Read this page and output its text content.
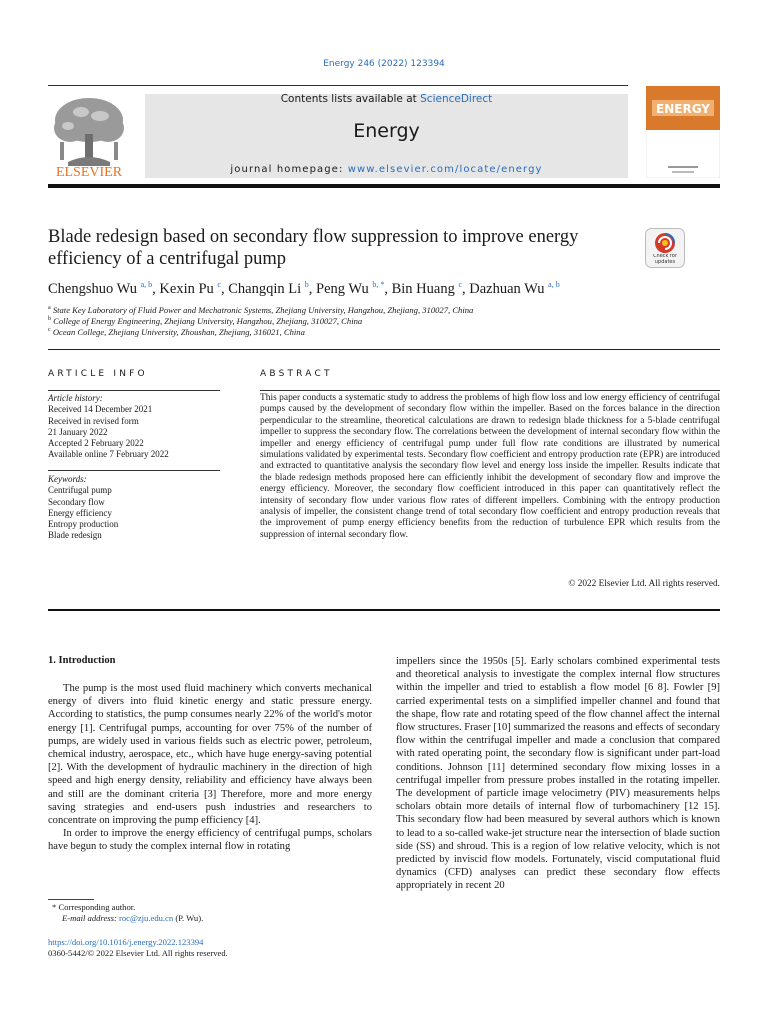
Energy 246 (2022) 123394
ELSEVIER
Contents lists available at ScienceDirect
Energy
journal homepage: www.elsevier.com/locate/energy
ENERGY
Blade redesign based on secondary flow suppression to improve energy efficiency of a centrifugal pump	Check for updates
Chengshuo Wu $^{a, b}$, Kexin Pu $^c$, Changqin Li $^b$, Peng Wu $^{b, *}$, Bin Huang $^c$, Dazhuan Wu $^{a, b}$
$^a$ State Key Laboratory of Fluid Power and Mechatronic Systems, Zhejiang University, Hangzhou, Zhejiang, 310027, China
$^b$ College of Energy Engineering, Zhejiang University, Hangzhou, Zhejiang, 310027, China
$^c$ Ocean College, Zhejiang University, Zhoushan, Zhejiang, 316021, China
ARTICLE INFO	ABSTRACT
Article history:
Received 14 December 2021
Received in revised form
21 January 2022
Accepted 2 February 2022
Available online 7 February 2022
Keywords:
Centrifugal pump
Secondary flow
Energy efficiency
Entropy production
Blade redesign
This paper conducts a systematic study to address the problems of high flow loss and low energy efficiency of centrifugal pumps caused by the development of secondary flow within the impeller. Based on the forces balance in the direction perpendicular to the streamline, theoretical calculations are drawn to redesign blade thickness for a 5-blade centrifugal impeller to suppress the secondary flow. The correlations between the development of internal secondary flow within the impeller and energy efficiency of centrifugal pump under full flow rate conditions are illustrated by numerical simulations validated by experimental tests. Secondary flow coefficient and entropy production rate (EPR) are introduced and extracted to quantitative analysis the secondary flow level and energy loss inside the impeller. Results indicate that the blade redesign methods proposed here can efficiently inhibit the development of secondary flow and improve the energy efficiency. Moreover, the secondary flow coefficient introduced in this paper can quantitatively reflect the intensity of secondary flow under various flow rates of different impellers. Combining with the entropy production analysis of impeller, the consistent change trend of total secondary flow coefficient and entropy production reveals that the improvement of pump energy efficiency benefits from the reduction of turbulence EPR which results from the suppression of internal secondary flow.
© 2022 Elsevier Ltd. All rights reserved.
1. Introduction

The pump is the most used fluid machinery which converts mechanical energy of divers into fluid kinetic energy and static pressure energy. According to statistics, the pump consumes nearly 22% of the world's motor energy [1]. Centrifugal pumps, accounting for over 75% of the number of pumps, are widely used in various fields such as electric power, petroleum, chemical industry, aerospace, etc., which have huge energy-saving potential [2]. With the development of hydraulic machinery in the direction of high speed and high energy density, reliability and efficiency have always been and still are the dominant criteria [3] Therefore, more and more energy saving strategies and end-users push industries and researchers to concentrate on improving the pump efficiency [4].

In order to improve the energy efficiency of centrifugal pumps, scholars have begun to study the complex internal flow in rotating

impellers since the 1950s [5]. Early scholars combined experimental tests and theoretical analysis to investigate the complex internal flow structures within the impeller and tried to establish a flow model [6 8]. Fowler [9] carried experimental tests on a simplified impeller channel and found that the shape, flow rate and rotating speed of the flow channel affect the internal flow structures. Fraser [10] summarized the reasons and effects of secondary flow within the centrifugal impeller and made a conclusion that compared with rated operating point, the secondary flow is significant under part-load conditions. Johnson [11] determined secondary flow mixing losses in a centrifugal impeller from pressure probes installed in the rotating impeller. The development of particle image velocimetry (PIV) measurements helps scholars obtain more details of internal flow of turbomachinery [12 15]. This secondary flow had been measured by several authors which is known to lead to a so-called wake-jet structure near the intersection of blade suction side (SS) and shroud. This is a region of low relative velocity, which is not predicted by inviscid flow models. Fortunately, viscid computational fluid dynamics (CFD) analyses can predict these secondary flow effects appropriately in recent 20

* Corresponding author.
E-mail address: roc@zju.edu.cn (P. Wu).
https://doi.org/10.1016/j.energy.2022.123394
0360-5442/© 2022 Elsevier Ltd. All rights reserved.
